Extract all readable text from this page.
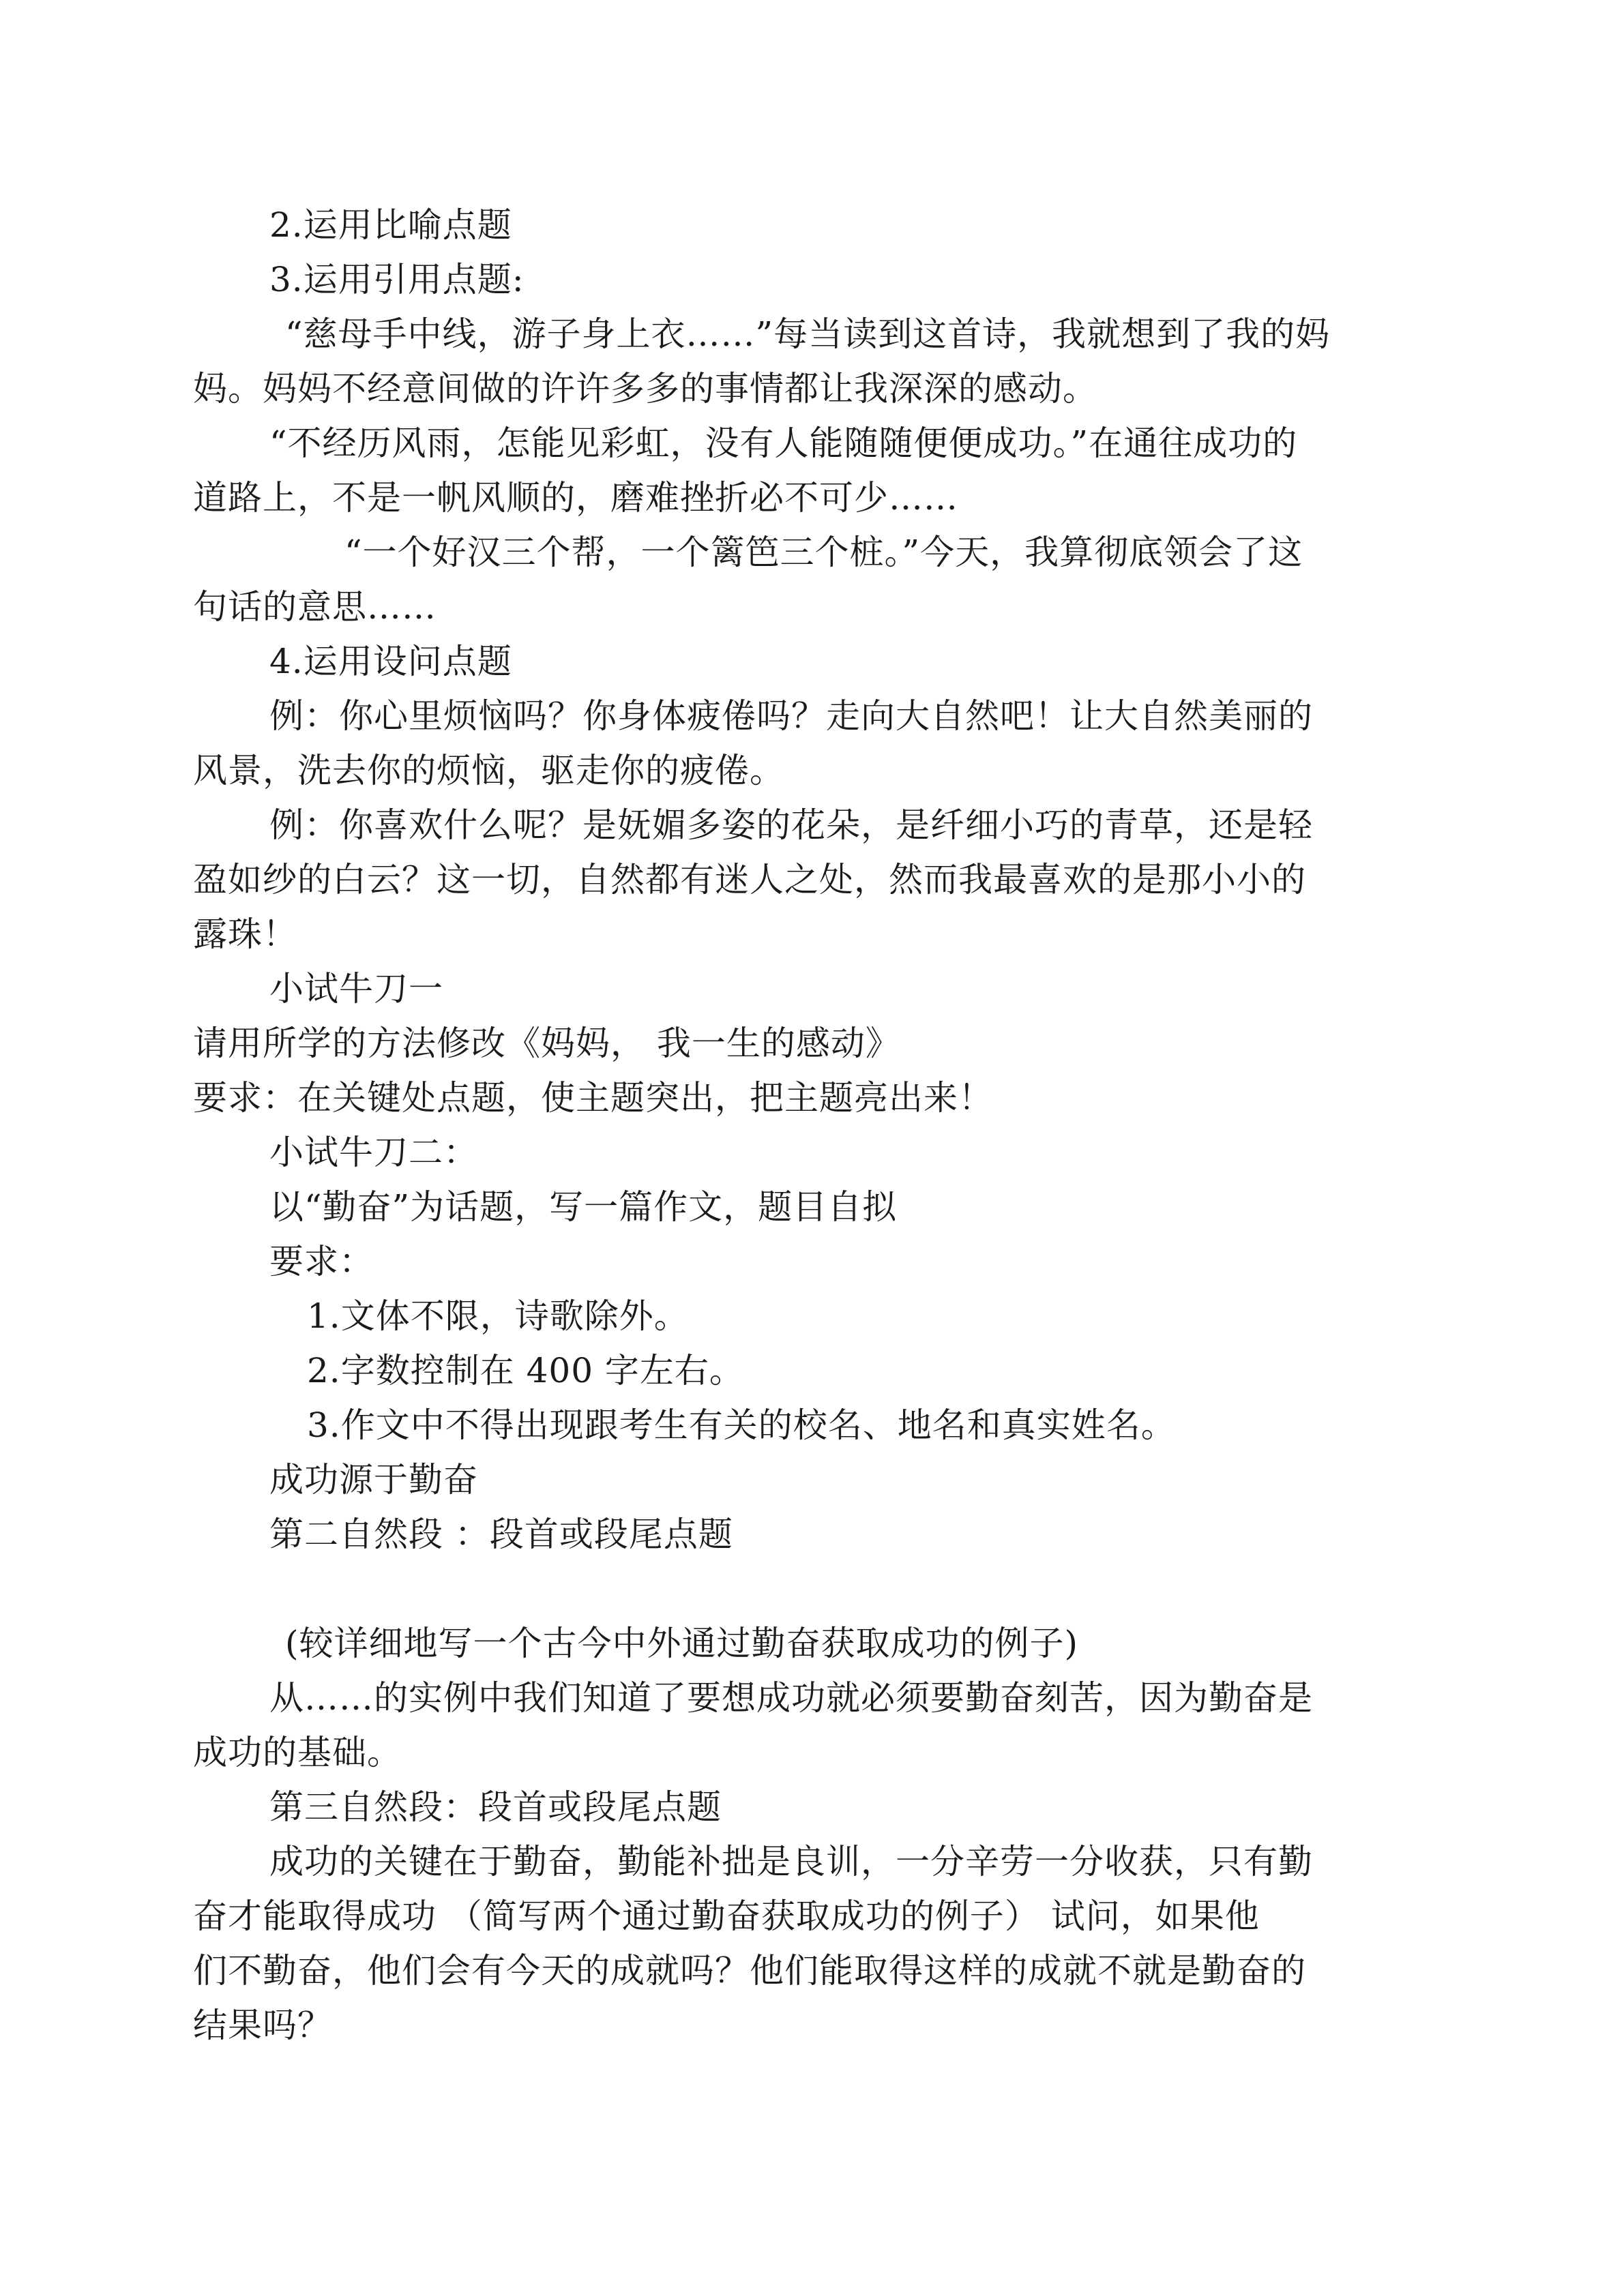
2.运用比喻点题
3.运用引用点题:
“慈母手中线，游子身上衣……”每当读到这首诗，我就想到了我的妈
妈。妈妈不经意间做的许许多多的事情都让我深深的感动。
“不经历风雨，怎能见彩虹，没有人能随随便便成功。”在通往成功的
道路上，不是一帆风顺的，磨难挫折必不可少……
“一个好汉三个帮，一个篱笆三个桩。”今天，我算彻底领会了这
句话的意思……
4.运用设问点题
例：你心里烦恼吗？你身体疲倦吗？走向大自然吧！让大自然美丽的
风景，洗去你的烦恼，驱走你的疲倦。
例：你喜欢什么呢？是妩媚多姿的花朵，是纤细小巧的青草，还是轻
盈如纱的白云？这一切，自然都有迷人之处，然而我最喜欢的是那小小的
露珠！
小试牛刀一
请用所学的方法修改《妈妈， 我一生的感动》
要求：在关键处点题，使主题突出，把主题亮出来！
小试牛刀二：
以“勤奋”为话题，写一篇作文，题目自拟
要求：
1.文体不限，诗歌除外。
2.字数控制在 400 字左右。
3.作文中不得出现跟考生有关的校名、地名和真实姓名。
成功源于勤奋
第二自然段 ：段首或段尾点题
(较详细地写一个古今中外通过勤奋获取成功的例子)
从……的实例中我们知道了要想成功就必须要勤奋刻苦，因为勤奋是
成功的基础。
第三自然段：段首或段尾点题
成功的关键在于勤奋，勤能补拙是良训，一分辛劳一分收获，只有勤
奋才能取得成功 （简写两个通过勤奋获取成功的例子） 试问，如果他
们不勤奋，他们会有今天的成就吗？他们能取得这样的成就不就是勤奋的
结果吗？
